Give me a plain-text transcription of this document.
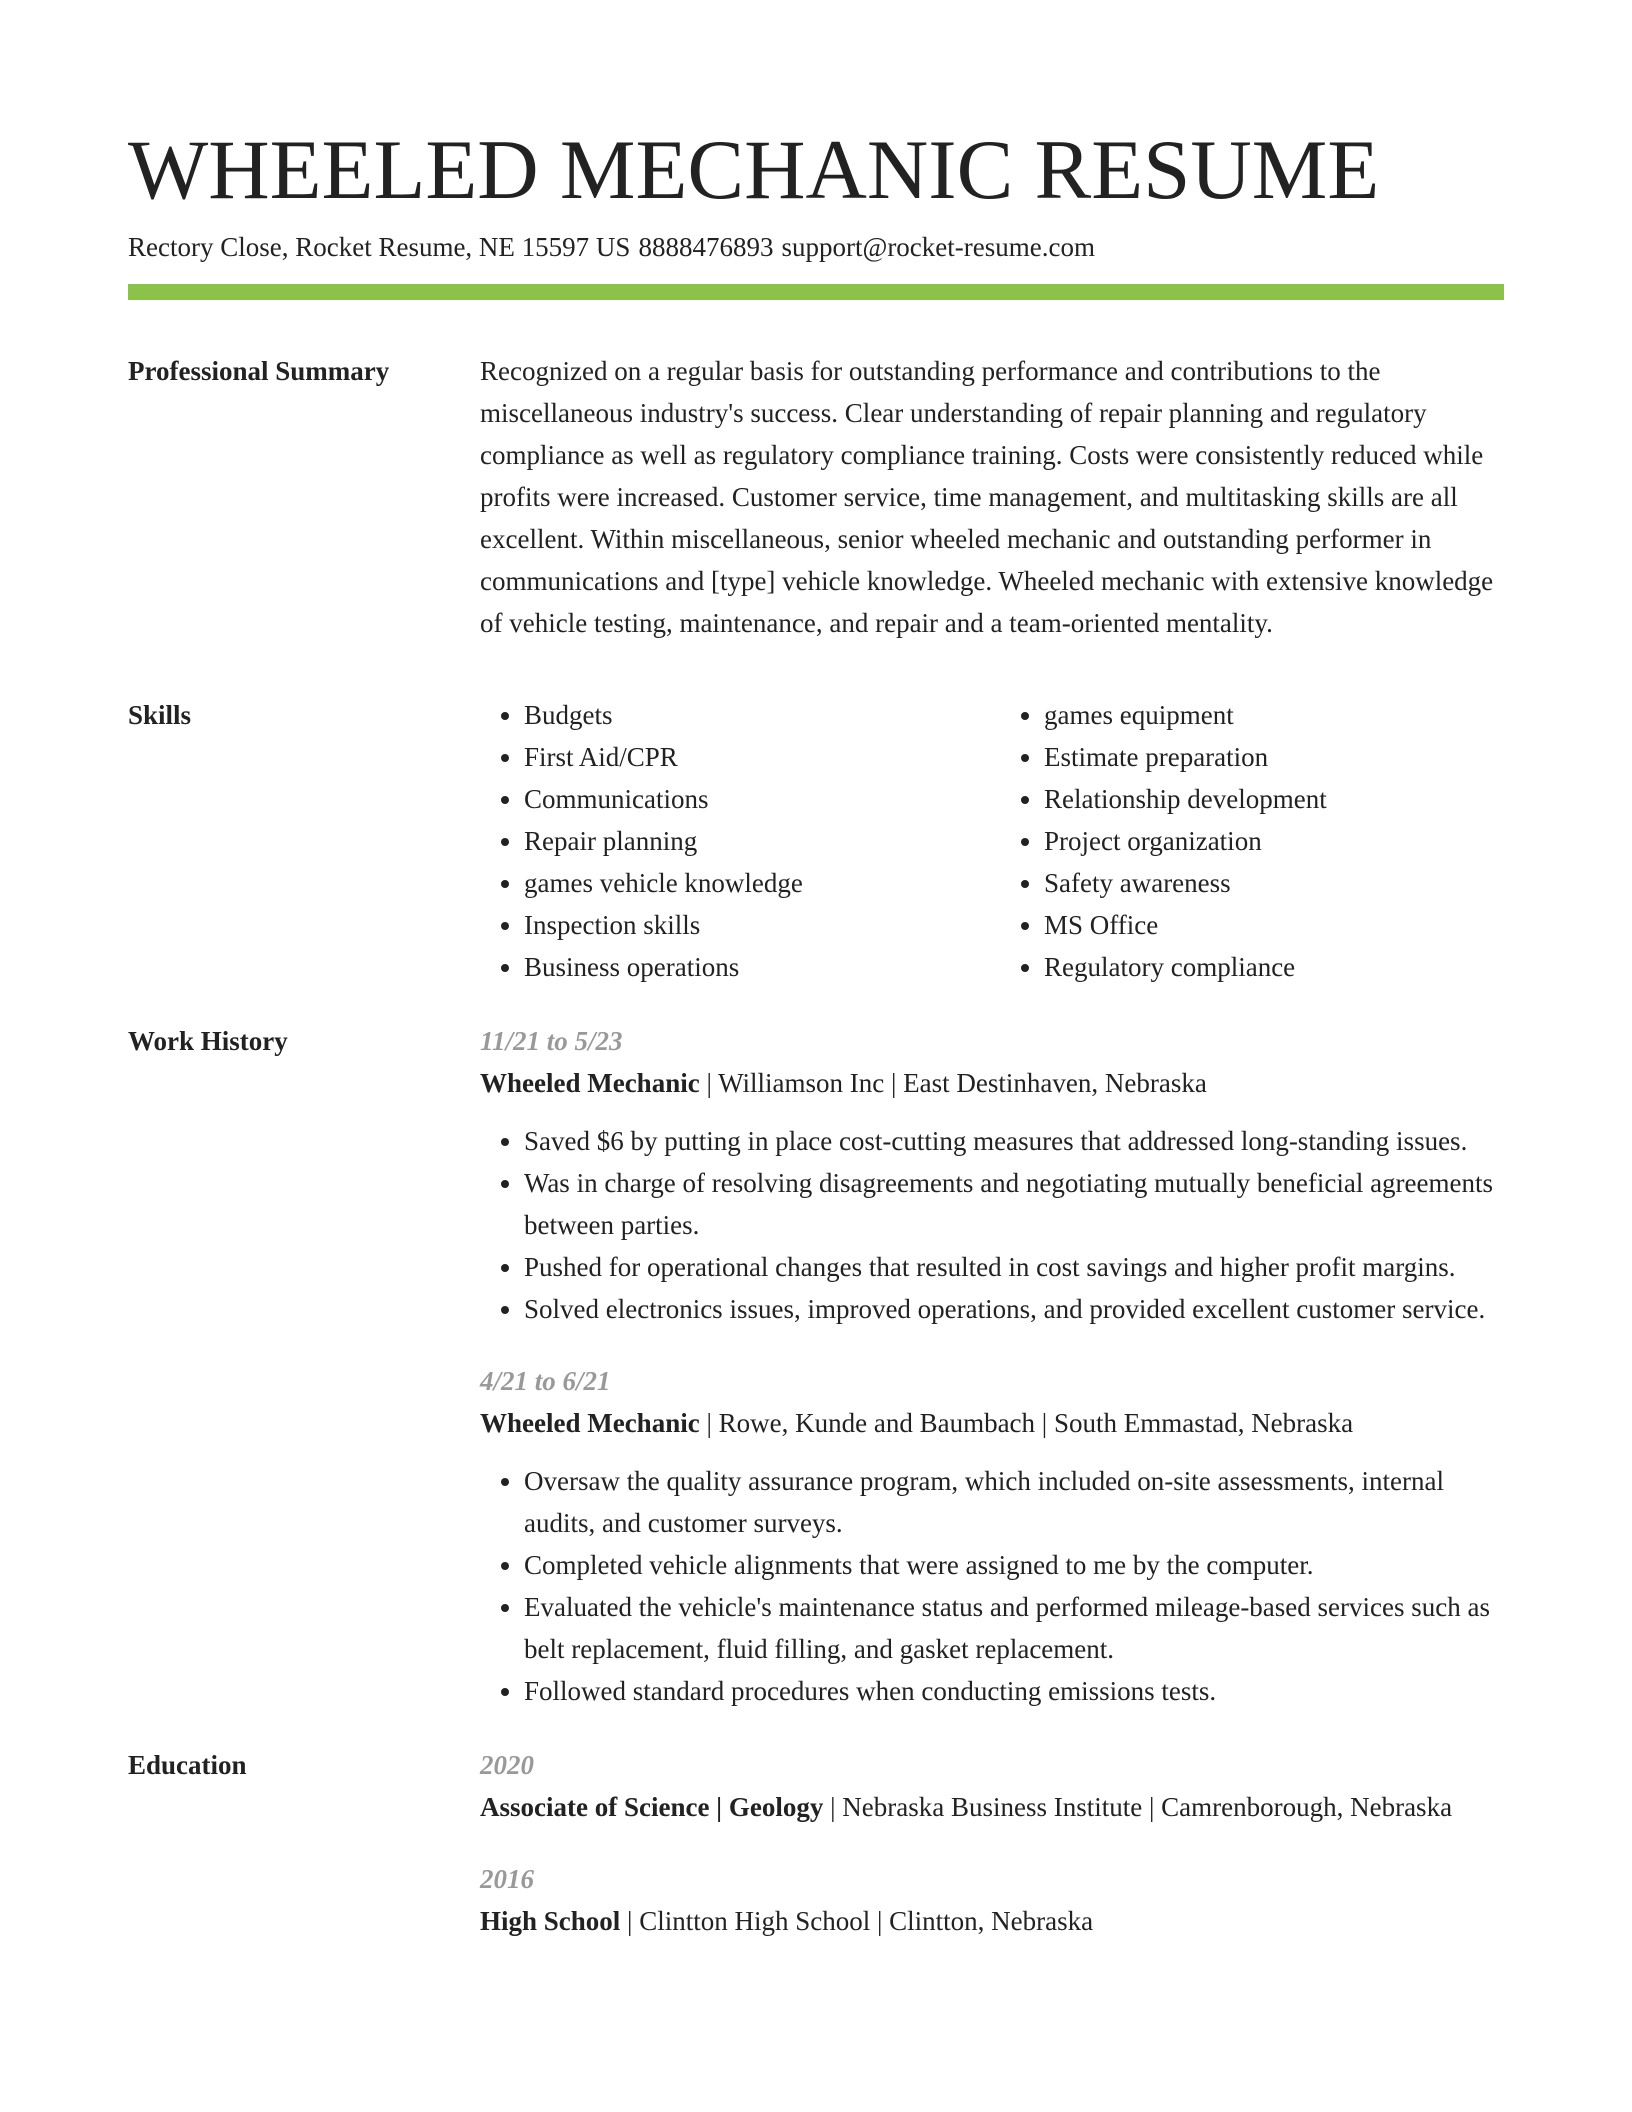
WHEELED MECHANIC RESUME
Rectory Close, Rocket Resume, NE 15597 US 8888476893 support@rocket-resume.com
Professional Summary	Recognized on a regular basis for outstanding performance and contributions to the miscellaneous industry's success. Clear understanding of repair planning and regulatory compliance as well as regulatory compliance training. Costs were consistently reduced while profits were increased. Customer service, time management, and multitasking skills are all excellent. Within miscellaneous, senior wheeled mechanic and outstanding performer in communications and [type] vehicle knowledge. Wheeled mechanic with extensive knowledge of vehicle testing, maintenance, and repair and a team-oriented mentality.

Skills
•	Budgets
• First Aid/CPR
• Communications
• Repair planning
• games vehicle knowledge
• Inspection skills
• Business operations
• games equipment
• Estimate preparation
• Relationship development
• Project organization
• Safety awareness
• MS Office
• Regulatory compliance
Work History	11/21 to 5/23
Wheeled Mechanic | Williamson Inc | East Destinhaven, Nebraska
• Saved $6 by putting in place cost-cutting measures that addressed long-standing issues.
• Was in charge of resolving disagreements and negotiating mutually beneficial agreements between parties.
• Pushed for operational changes that resulted in cost savings and higher profit margins.
• Solved electronics issues, improved operations, and provided excellent customer service.
4/21 to 6/21
Wheeled Mechanic | Rowe, Kunde and Baumbach | South Emmastad, Nebraska
• Oversaw the quality assurance program, which included on-site assessments, internal audits, and customer surveys.
• Completed vehicle alignments that were assigned to me by the computer.
• Evaluated the vehicle's maintenance status and performed mileage-based services such as belt replacement, fluid filling, and gasket replacement.
• Followed standard procedures when conducting emissions tests.
Education	2020
Associate of Science | Geology | Nebraska Business Institute | Camrenborough, Nebraska
2016
High School | Clintton High School | Clintton, Nebraska
